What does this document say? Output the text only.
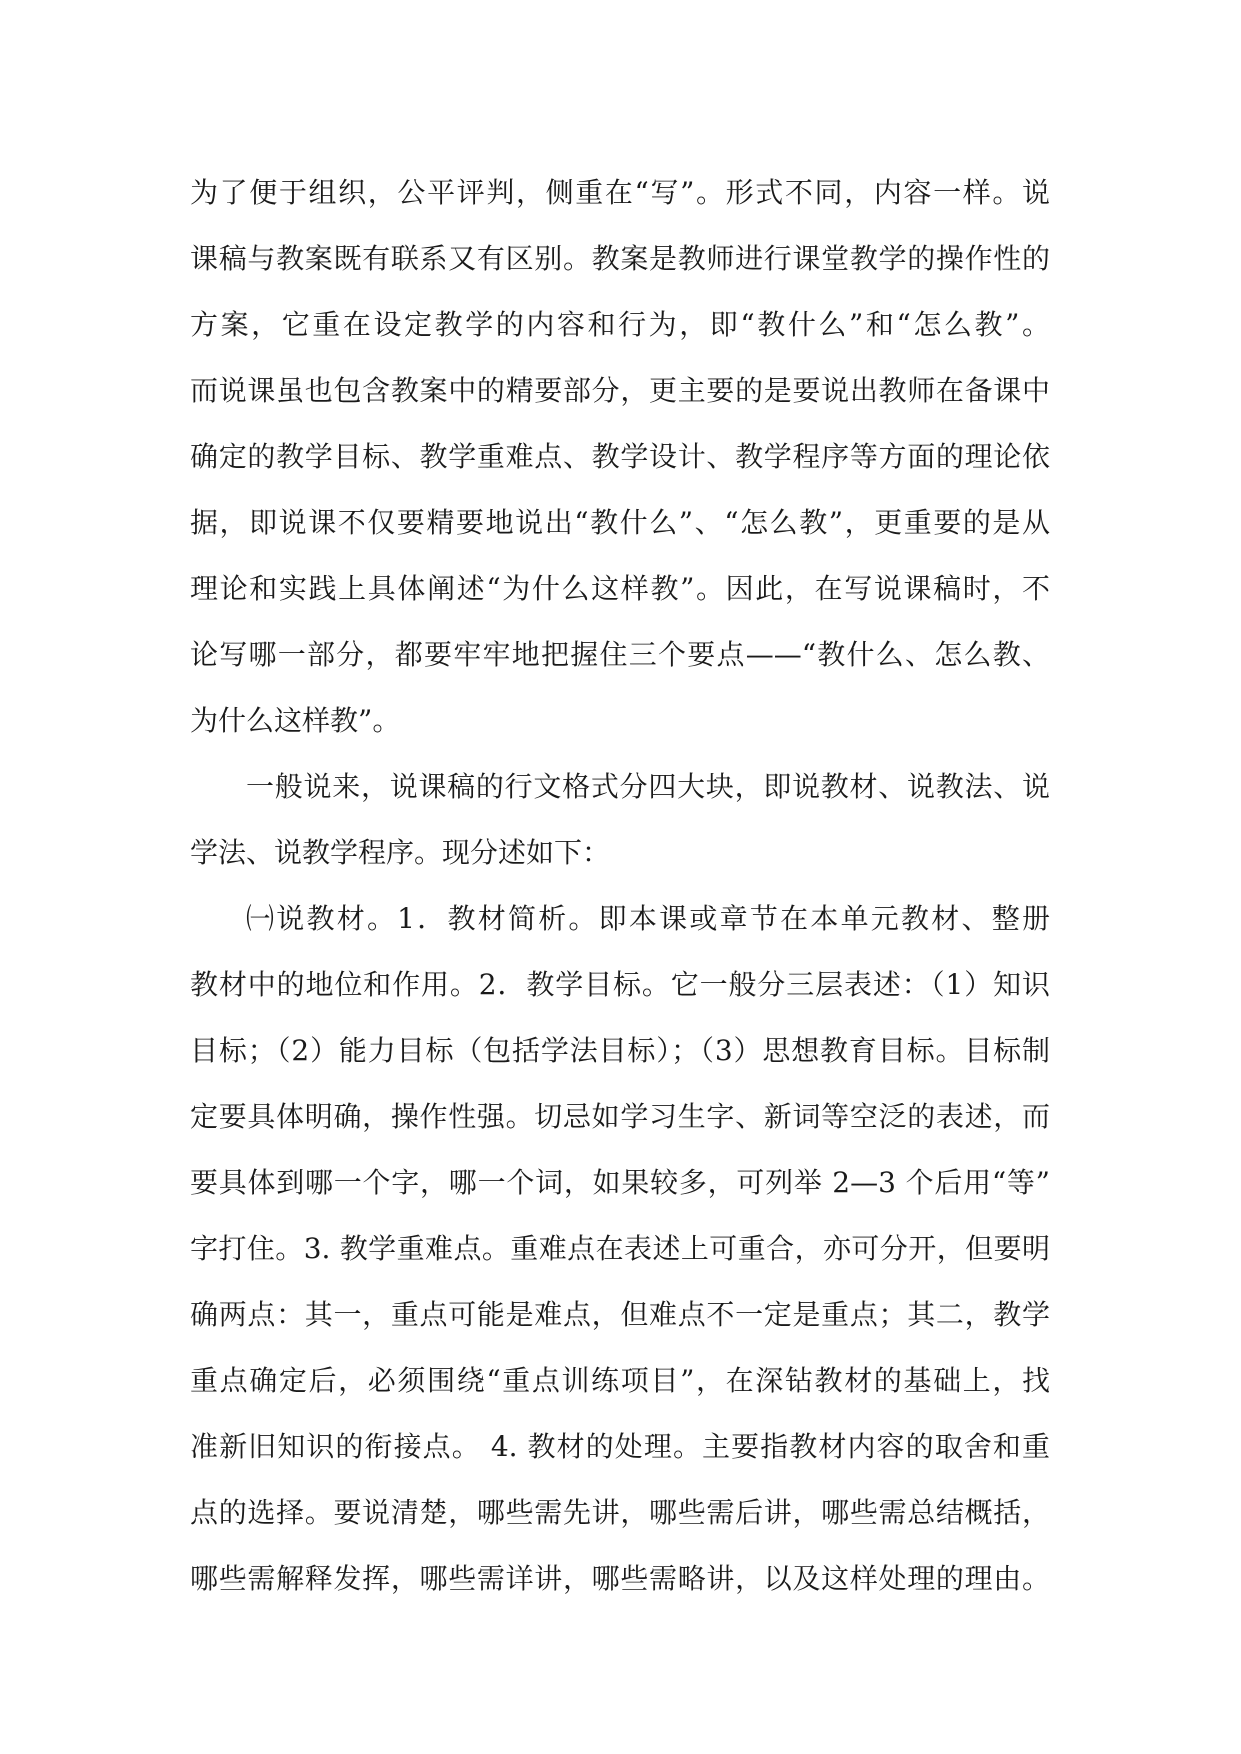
为了便于组织，公平评判，侧重在“写”。形式不同，内容一样。说
课稿与教案既有联系又有区别。教案是教师进行课堂教学的操作性的
方案，它重在设定教学的内容和行为，即“教什么”和“怎么教”。
而说课虽也包含教案中的精要部分，更主要的是要说出教师在备课中
确定的教学目标、教学重难点、教学设计、教学程序等方面的理论依
据，即说课不仅要精要地说出“教什么”、“怎么教”，更重要的是从
理论和实践上具体阐述“为什么这样教”。因此，在写说课稿时，不
论写哪一部分，都要牢牢地把握住三个要点——“教什么、怎么教、
为什么这样教”。
一般说来，说课稿的行文格式分四大块，即说教材、说教法、说
学法、说教学程序。现分述如下：
㈠说教材。1．教材简析。即本课或章节在本单元教材、整册
教材中的地位和作用。2．教学目标。它一般分三层表述：（1）知识
目标；（2）能力目标（包括学法目标）；（3）思想教育目标。目标制
定要具体明确，操作性强。切忌如学习生字、新词等空泛的表述，而
要具体到哪一个字，哪一个词，如果较多，可列举 2—3 个后用“等”
字打住。3. 教学重难点。重难点在表述上可重合，亦可分开，但要明
确两点：其一，重点可能是难点，但难点不一定是重点；其二，教学
重点确定后，必须围绕“重点训练项目”，在深钻教材的基础上，找
准新旧知识的衔接点。 4. 教材的处理。主要指教材内容的取舍和重
点的选择。要说清楚，哪些需先讲，哪些需后讲，哪些需总结概括，
哪些需解释发挥，哪些需详讲，哪些需略讲，以及这样处理的理由。
